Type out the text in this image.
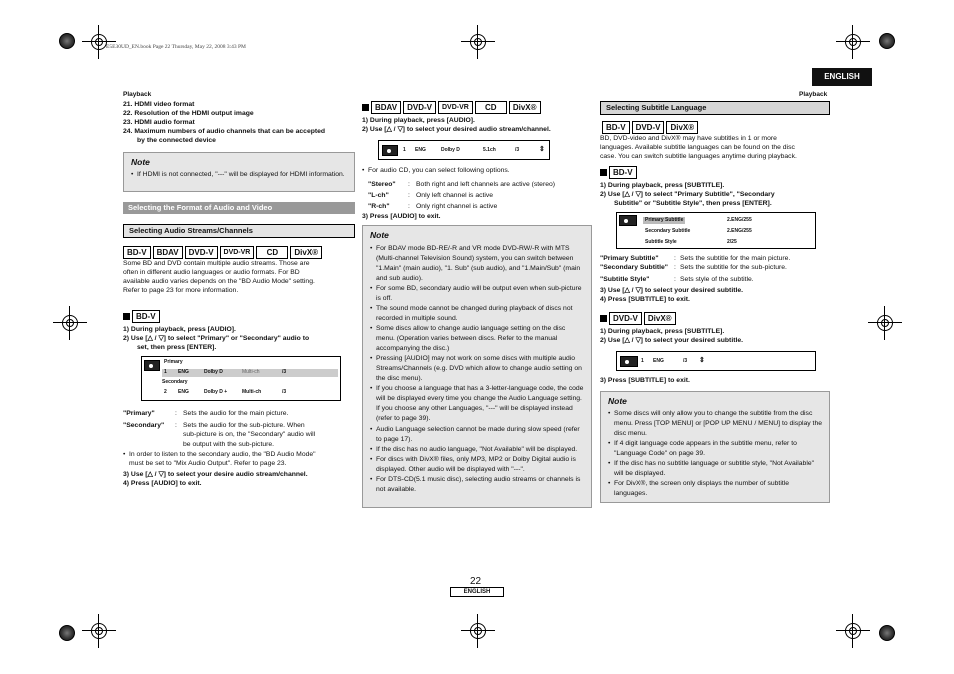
E5E30UD_EN.book Page 22 Thursday, May 22, 2008 3:43 PM
ENGLISH
Playback
Playback
21. HDMI video format
22. Resolution of the HDMI output image
23. HDMI audio format
24. Maximum numbers of audio channels that can be accepted
by the connected device
Note
• If HDMI is not connected, "---" will be displayed for HDMI information.
Selecting the Format of Audio and Video
Selecting Audio Streams/Channels
BD-V BDAV DVD-V DVD-VR CD DivX®
Some BD and DVD contain multiple audio streams. Those are
often in different audio languages or audio formats. For BD
available audio varies depends on the "BD Audio Mode" setting.
Refer to page 23 for more information.
BD-V
1) During playback, press [AUDIO].
2) Use [△ / ▽] to select "Primary" or "Secondary" audio to
set, then press [ENTER].
Primary
1 ENG	Dolby D	Multi-ch	/3
Secondary
2 ENG	Dolby D +	Multi-ch	/3
"Primary"	: Sets the audio for the main picture.
"Secondary"	: Sets the audio for the sub-picture. When
sub-picture is on, the "Secondary" audio will
be output with the sub-picture.
• In order to listen to the secondary audio, the "BD Audio Mode"
must be set to "Mix Audio Output". Refer to page 23.
3) Use [△ / ▽] to select your desire audio stream/channel.
4) Press [AUDIO] to exit.
BDAV DVD-V DVD-VR CD DivX®
1) During playback, press [AUDIO].
2) Use [△ / ▽] to select your desired audio stream/channel.
1 ENG	Dolby D	5.1ch	/3	⇕
• For audio CD, you can select following options.
"Stereo"	: Both right and left channels are active (stereo)
"L-ch"	: Only left channel is active
"R-ch"	: Only right channel is active
3) Press [AUDIO] to exit.
Note
• For BDAV mode BD-RE/-R and VR mode DVD-RW/-R with MTS (Multi-channel Television Sound) system, you can switch between "1.Main" (main audio), "1. Sub" (sub audio), and "1.Main/Sub" (main and sub audio).
• For some BD, secondary audio will be output even when sub-picture is off.
• The sound mode cannot be changed during playback of discs not recorded in multiple sound.
• Some discs allow to change audio language setting on the disc menu. (Operation varies between discs. Refer to the manual accompanying the disc.)
• Pressing [AUDIO] may not work on some discs with multiple audio Streams/Channels (e.g. DVD which allow to change audio setting on the disc menu).
• If you choose a language that has a 3-letter-language code, the code will be displayed every time you change the Audio Language setting. If you choose any other Languages, "---" will be displayed instead (refer to page 39).
• Audio Language selection cannot be made during slow speed (refer to page 17).
• If the disc has no audio language, "Not Available" will be displayed.
• For discs with DivX® files, only MP3, MP2 or Dolby Digital audio is displayed. Other audio will be displayed with "---".
• For DTS-CD(5.1 music disc), selecting audio streams or channels is not available.
Selecting Subtitle Language
BD-V DVD-V DivX®
BD, DVD-video and DivX® may have subtitles in 1 or more
languages. Available subtitle languages can be found on the disc
case. You can switch subtitle languages anytime during playback.
BD-V
1) During playback, press [SUBTITLE].
2) Use [△ / ▽] to select "Primary Subtitle", "Secondary
Subtitle" or "Subtitle Style", then press [ENTER].
Primary Subtitle	2.ENG/255
Secondary Subtitle	2.ENG/255
Subtitle Style	2/25
"Primary Subtitle"	: Sets the subtitle for the main picture.
"Secondary Subtitle" : Sets the subtitle for the sub-picture.
"Subtitle Style"	: Sets style of the subtitle.
3) Use [△ / ▽] to select your desired subtitle.
4) Press [SUBTITLE] to exit.
DVD-V DivX®
1) During playback, press [SUBTITLE].
2) Use [△ / ▽] to select your desired subtitle.
1 ENG	/3 ⇕
3) Press [SUBTITLE] to exit.
Note
• Some discs will only allow you to change the subtitle from the disc menu. Press [TOP MENU] or [POP UP MENU / MENU] to display the disc menu.
• If 4 digit language code appears in the subtitle menu, refer to "Language Code" on page 39.
• If the disc has no subtitle language or subtitle style, "Not Available" will be displayed.
• For DivX®, the screen only displays the number of subtitle languages.
22
ENGLISH
